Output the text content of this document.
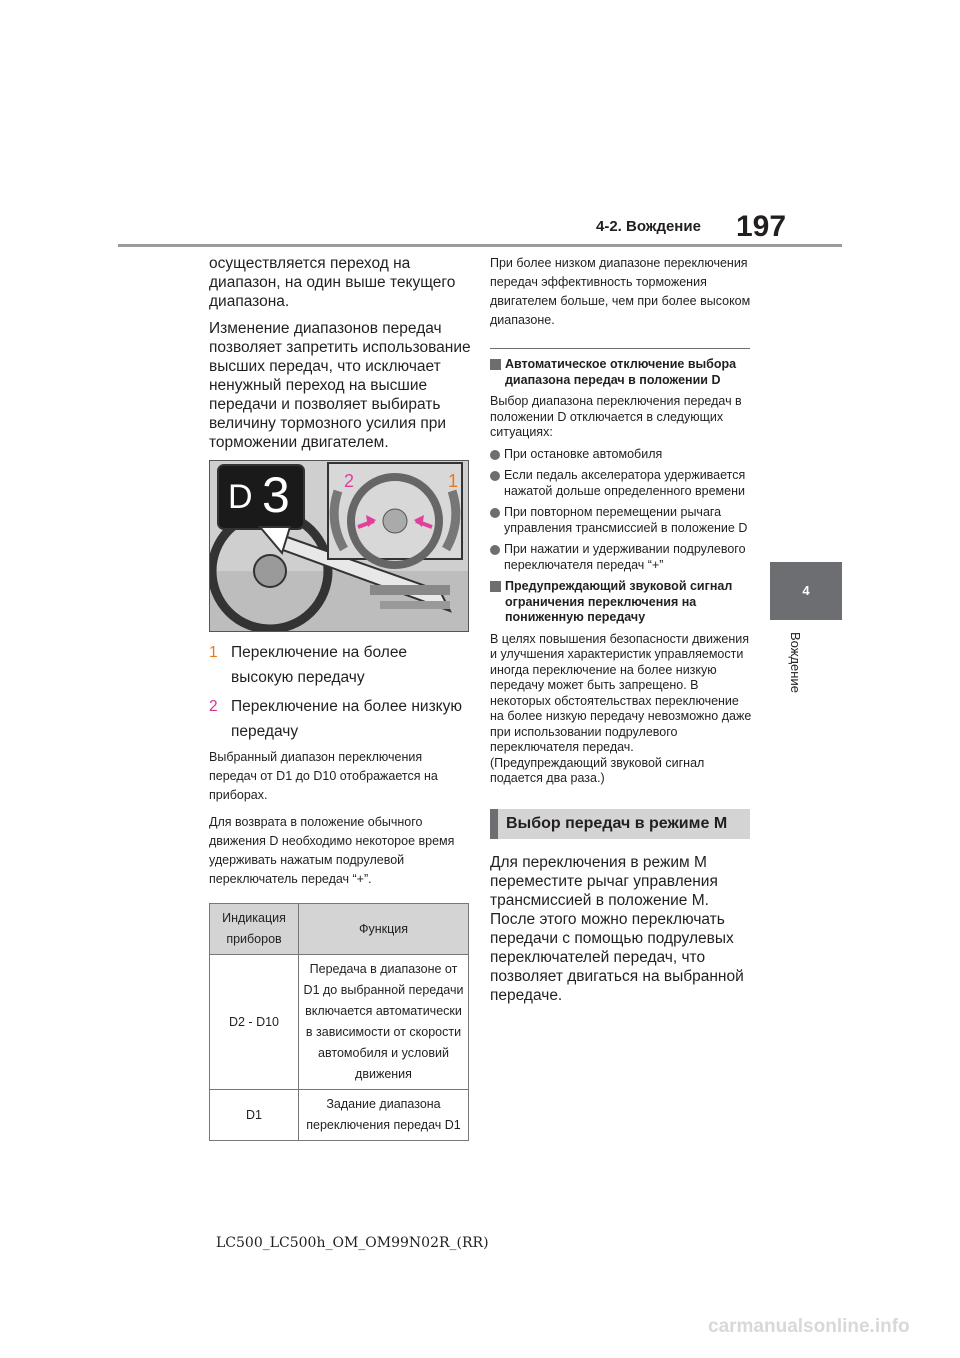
197
4-2. Вождение
4
Вождение

осуществляется переход на диапазон, на один выше текущего диапазона.

Изменение диапазонов передач позволяет запретить использование высших передач, что исключает ненужный переход на высшие передачи и позволяет выбирать величину тормозного усилия при торможении двигателем.

D 3	2	1
1 Переключение на более высокую передачу
2 Переключение на более низкую передачу

Выбранный диапазон переключения передач от D1 до D10 отображается на приборах.

Для возврата в положение обычного движения D необходимо некоторое время удерживать нажатым подрулевой переключатель передач “+”.

Индикация приборов	Функция
D2 - D10	Передача в диапазоне от D1 до выбранной передачи включается автоматически в зависимости от скорости автомобиля и условий движения
D1	Задание диапазона переключения передач D1

При более низком диапазоне переключения передач эффективность торможения двигателем больше, чем при более высоком диапазоне.

Автоматическое отключение выбора диапазона передач в положении D

Выбор диапазона переключения передач в положении D отключается в следующих ситуациях:

При остановке автомобиля
Если педаль акселератора удерживается нажатой дольше определенного времени
При повторном перемещении рычага управления трансмиссией в положение D
При нажатии и удерживании подрулевого переключателя передач “+”
Предупреждающий звуковой сигнал ограничения переключения на пониженную передачу

В целях повышения безопасности движения и улучшения характеристик управляемости иногда переключение на более низкую передачу может быть запрещено. В некоторых обстоятельствах переключение на более низкую передачу невозможно даже при использовании подрулевого переключателя передач. (Предупреждающий звуковой сигнал подается два раза.)

Выбор передач в режиме M

Для переключения в режим M переместите рычаг управления трансмиссией в положение M. После этого можно переключать передачи с помощью подрулевых переключателей передач, что позволяет двигаться на выбранной передаче.

LC500_LC500h_OM_OM99N02R_(RR)
carmanualsonline.info
